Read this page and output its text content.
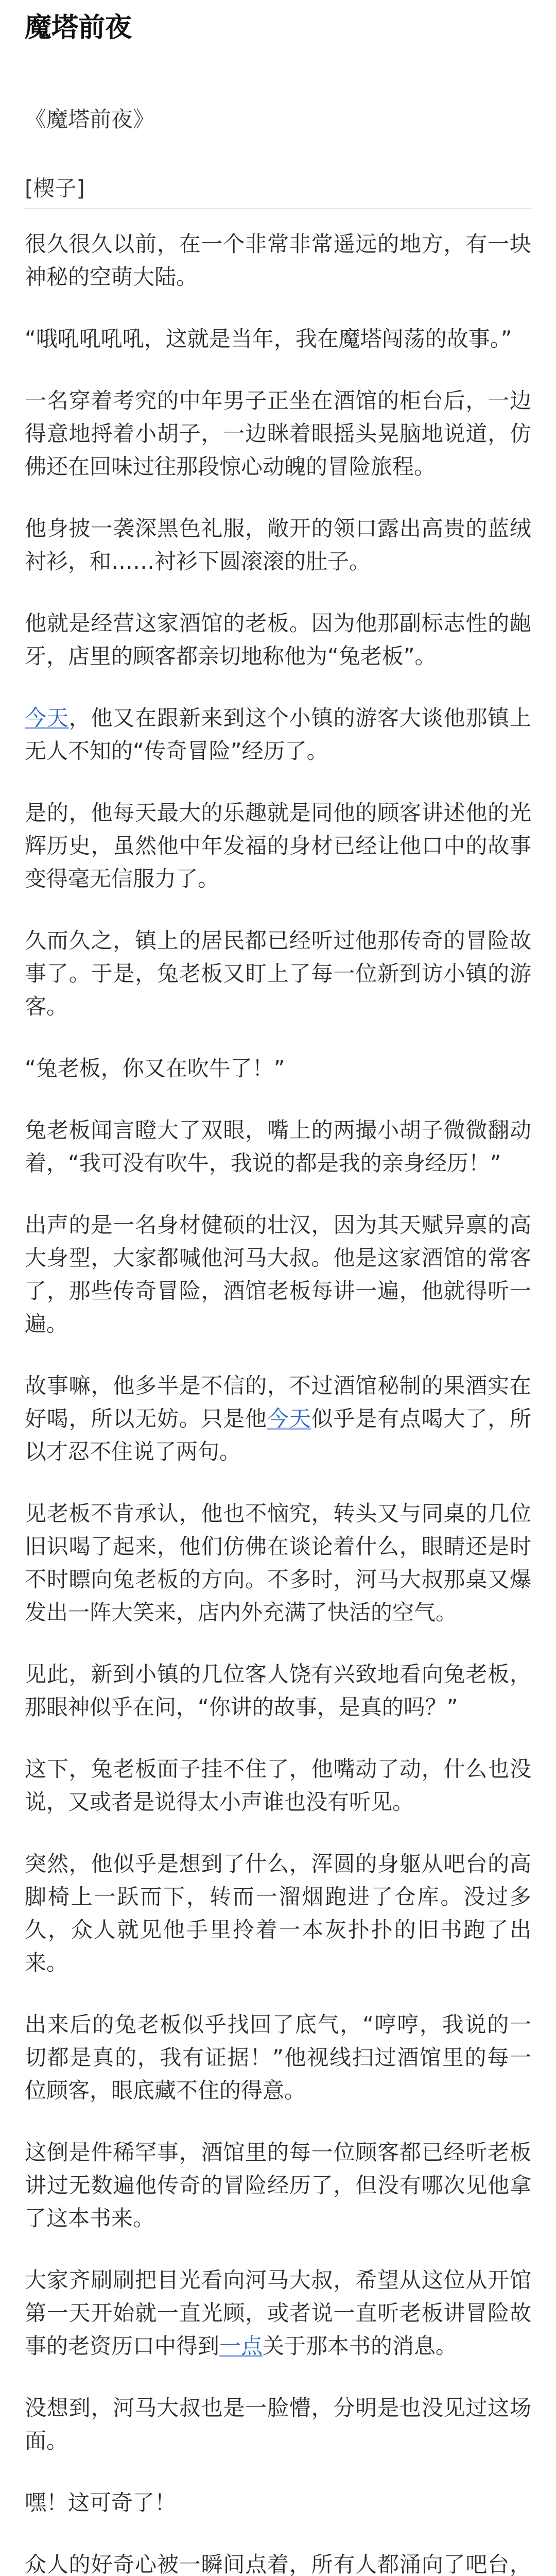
魔塔前夜
《魔塔前夜》
[楔子]

很久很久以前，在一个非常非常遥远的地方，有一块神秘的空萌大陆。

“哦吼吼吼吼，这就是当年，我在魔塔闯荡的故事。”

一名穿着考究的中年男子正坐在酒馆的柜台后，一边得意地捋着小胡子，一边眯着眼摇头晃脑地说道，仿佛还在回味过往那段惊心动魄的冒险旅程。

他身披一袭深黑色礼服，敞开的领口露出高贵的蓝绒衬衫，和……衬衫下圆滚滚的肚子。

他就是经营这家酒馆的老板。因为他那副标志性的龅牙，店里的顾客都亲切地称他为“兔老板”。

今天，他又在跟新来到这个小镇的游客大谈他那镇上无人不知的“传奇冒险”经历了。

是的，他每天最大的乐趣就是同他的顾客讲述他的光辉历史，虽然他中年发福的身材已经让他口中的故事变得毫无信服力了。

久而久之，镇上的居民都已经听过他那传奇的冒险故事了。于是，兔老板又盯上了每一位新到访小镇的游客。

“兔老板，你又在吹牛了！”

兔老板闻言瞪大了双眼，嘴上的两撮小胡子微微翻动着，“我可没有吹牛，我说的都是我的亲身经历！”

出声的是一名身材健硕的壮汉，因为其天赋异禀的高大身型，大家都喊他河马大叔。他是这家酒馆的常客了，那些传奇冒险，酒馆老板每讲一遍，他就得听一遍。

故事嘛，他多半是不信的，不过酒馆秘制的果酒实在好喝，所以无妨。只是他今天似乎是有点喝大了，所以才忍不住说了两句。

见老板不肯承认，他也不恼究，转头又与同桌的几位旧识喝了起来，他们仿佛在谈论着什么，眼睛还是时不时瞟向兔老板的方向。不多时，河马大叔那桌又爆发出一阵大笑来，店内外充满了快活的空气。

见此，新到小镇的几位客人饶有兴致地看向兔老板，那眼神似乎在问，“你讲的故事，是真的吗？”

这下，兔老板面子挂不住了，他嘴动了动，什么也没说，又或者是说得太小声谁也没有听见。

突然，他似乎是想到了什么，浑圆的身躯从吧台的高脚椅上一跃而下，转而一溜烟跑进了仓库。没过多久，众人就见他手里拎着一本灰扑扑的旧书跑了出来。

出来后的兔老板似乎找回了底气，“哼哼，我说的一切都是真的，我有证据！”他视线扫过酒馆里的每一位顾客，眼底藏不住的得意。

这倒是件稀罕事，酒馆里的每一位顾客都已经听老板讲过无数遍他传奇的冒险经历了，但没有哪次见他拿了这本书来。

大家齐刷刷把目光看向河马大叔，希望从这位从开馆第一天开始就一直光顾，或者说一直听老板讲冒险故事的老资历口中得到一点关于那本书的消息。

没想到，河马大叔也是一脸懵，分明是也没见过这场面。

嘿！这可奇了！

众人的好奇心被一瞬间点着，所有人都涌向了吧台，
